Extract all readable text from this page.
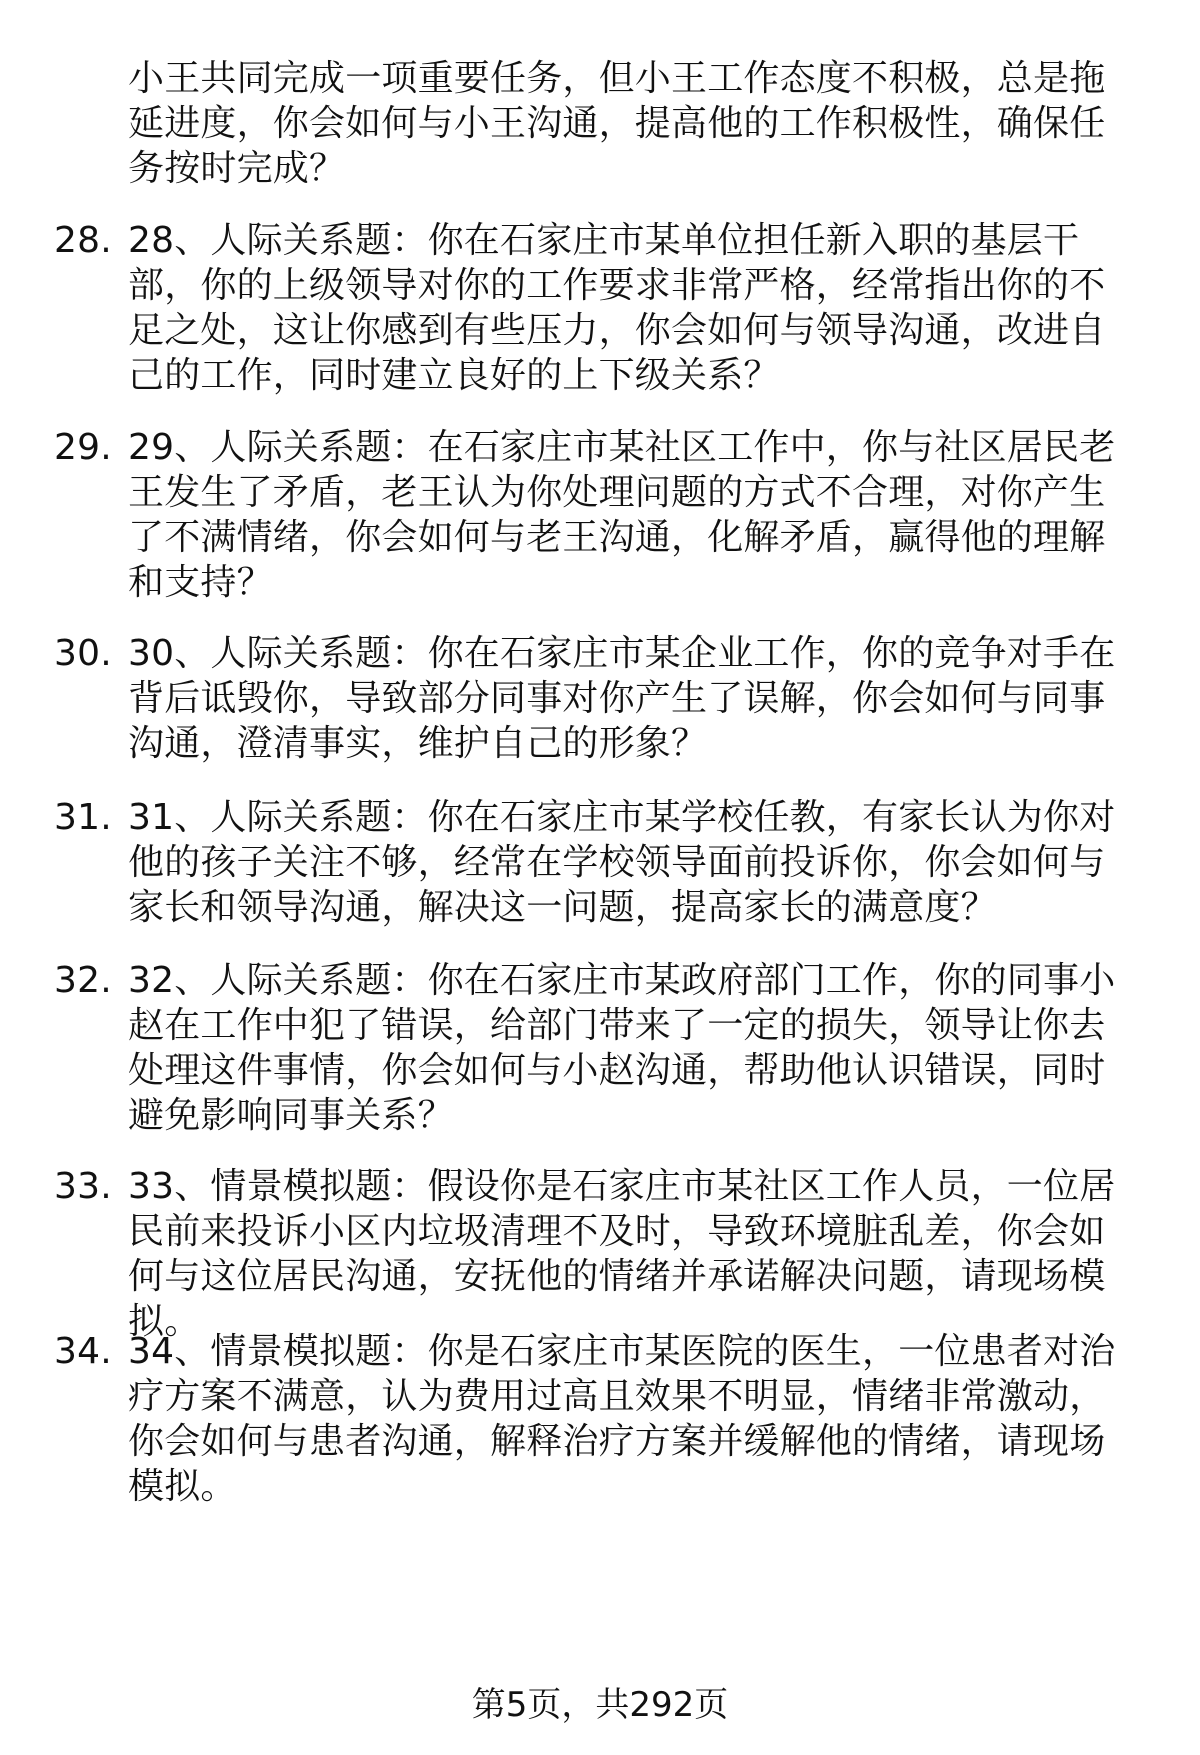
小王共同完成一项重要任务，但小王工作态度不积极，总是拖延进度，你会如何与小王沟通，提高他的工作积极性，确保任务按时完成？
28. 28、人际关系题：你在石家庄市某单位担任新入职的基层干部，你的上级领导对你的工作要求非常严格，经常指出你的不足之处，这让你感到有些压力，你会如何与领导沟通，改进自己的工作，同时建立良好的上下级关系？
29. 29、人际关系题：在石家庄市某社区工作中，你与社区居民老王发生了矛盾，老王认为你处理问题的方式不合理，对你产生了不满情绪，你会如何与老王沟通，化解矛盾，赢得他的理解和支持？
30. 30、人际关系题：你在石家庄市某企业工作，你的竞争对手在背后诋毁你，导致部分同事对你产生了误解，你会如何与同事沟通，澄清事实，维护自己的形象？
31. 31、人际关系题：你在石家庄市某学校任教，有家长认为你对他的孩子关注不够，经常在学校领导面前投诉你，你会如何与家长和领导沟通，解决这一问题，提高家长的满意度？
32. 32、人际关系题：你在石家庄市某政府部门工作，你的同事小赵在工作中犯了错误，给部门带来了一定的损失，领导让你去处理这件事情，你会如何与小赵沟通，帮助他认识错误，同时避免影响同事关系？
33. 33、情景模拟题：假设你是石家庄市某社区工作人员，一位居民前来投诉小区内垃圾清理不及时，导致环境脏乱差，你会如何与这位居民沟通，安抚他的情绪并承诺解决问题，请现场模拟。
34. 34、情景模拟题：你是石家庄市某医院的医生，一位患者对治疗方案不满意，认为费用过高且效果不明显，情绪非常激动，你会如何与患者沟通，解释治疗方案并缓解他的情绪，请现场模拟。
第5页，共292页
